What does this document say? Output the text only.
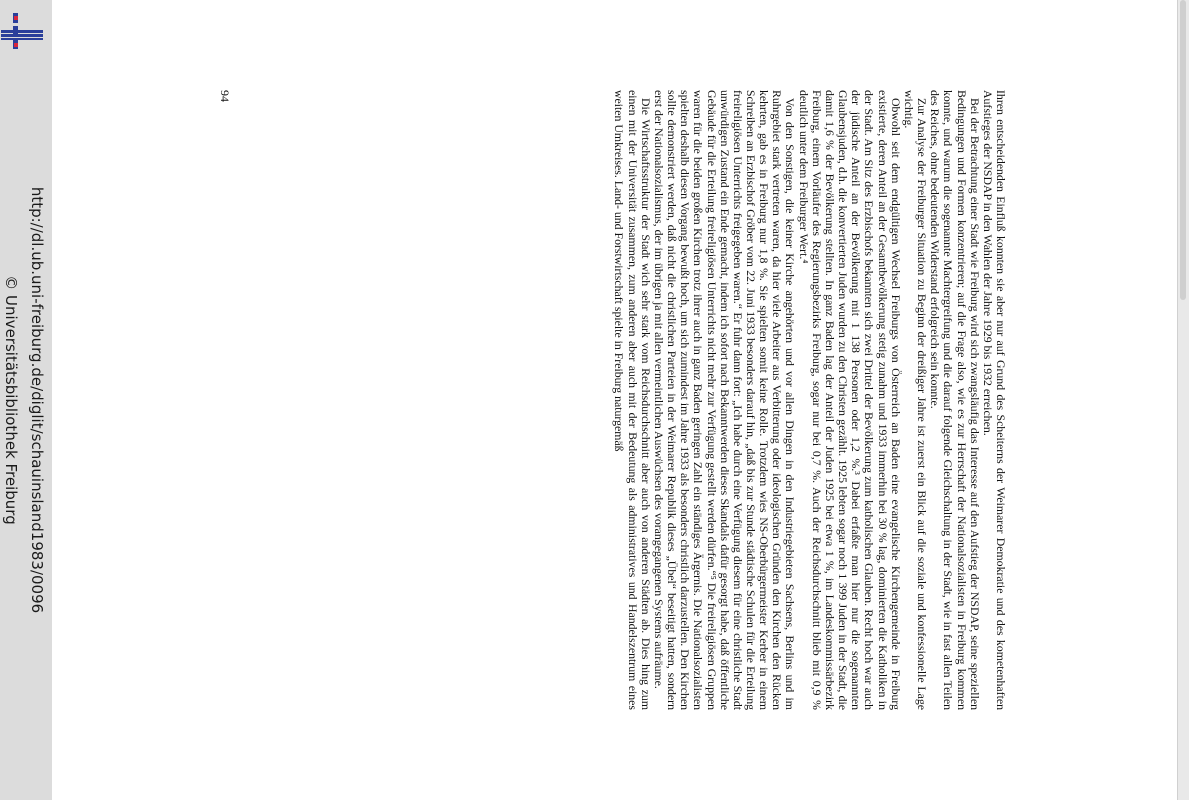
http://dl.ub.uni-freiburg.de/diglit/schauinsland1983/0096
© Universitätsbibliothek Freiburg	Ihren entscheidenden Einfluß konnten sie aber nur auf Grund des Scheiterns der Weimarer Demokratie und des kometenhaften Aufstieges der NSDAP in den Wahlen der Jahre 1929 bis 1932 erreichen.

Bei der Betrachtung einer Stadt wie Freiburg wird sich zwangsläufig das Interesse auf den Aufstieg der NSDAP, seine speziellen Bedingungen und Formen konzentrieren; auf die Frage also, wie es zur Herrschaft der Nationalsozialisten in Freiburg kommen konnte, und warum die sogenannte Machtergreifung und die darauf folgende Gleichschaltung in der Stadt, wie in fast allen Teilen des Reiches, ohne bedeutenden Widerstand erfolgreich sein konnte.

Zur Analyse der Freiburger Situation zu Beginn der dreißiger Jahre ist zuerst ein Blick auf die soziale und konfessionelle Lage wichtig.

Obwohl seit dem endgültigen Wechsel Freiburgs von Österreich an Baden eine evangelische Kirchengemeinde in Freiburg existierte, deren Anteil an der Gesamtbevölkerung stetig zunahm und 1933 immerhin bei 30 % lag, dominierten die Katholiken in der Stadt. Am Sitz des Erzbischofs bekannten sich zwei Drittel der Bevölkerung zum katholischen Glauben. Recht hoch war auch der jüdische Anteil an der Bevölkerung mit 1 138 Personen oder 1,2 %.³ Dabei erfaßte man hier nur die sogenannten Glaubensjuden, d.h. die konvertierten Juden wurden zu den Christen gezählt. 1925 lebten sogar noch 1 399 Juden in der Stadt, die damit 1,6 % der Bevölkerung stellten. In ganz Baden lag der Anteil der Juden 1925 bei etwa 1 %, im Landeskommissärbezirk Freiburg, einem Vorläufer des Regierungsbezirks Freiburg, sogar nur bei 0,7 %. Auch der Reichsdurchschnitt blieb mit 0,9 % deutlich unter dem Freiburger Wert.⁴

Von den Sonstigen, die keiner Kirche angehörten und vor allen Dingen in den Industriegebieten Sachsens, Berlins und im Ruhrgebiet stark vertreten waren, da hier viele Arbeiter aus Verbitterung oder ideologischen Gründen den Kirchen den Rücken kehrten, gab es in Freiburg nur 1,8 %. Sie spielten somit keine Rolle. Trotzdem wies NS-Oberbürgermeister Kerber in einem Schreiben an Erzbischof Gröber vom 22. Juni 1933 besonders darauf hin, „daß bis zur Stunde städtische Schulen für die Erteilung freireligiösen Unterrichts freigegeben waren.“ Er fuhr dann fort: „Ich habe durch eine Verfügung diesem für eine christliche Stadt unwürdigen Zustand ein Ende gemacht, indem ich sofort nach Bekanntwerden dieses Skandals dafür gesorgt habe, daß öffentliche Gebäude für die Erteilung freireligiösen Unterrichts nicht mehr zur Verfügung gestellt werden dürfen.“⁵ Die freireligiösen Gruppen waren für die beiden großen Kirchen trotz ihrer auch in ganz Baden geringen Zahl ein ständiges Ärgernis. Die Nationalsozialisten spielten deshalb diesen Vorgang bewußt hoch, um sich zumindest im Jahre 1933 als besonders christlich darzustellen. Den Kirchen sollte demonstriert werden, daß nicht die christlichen Parteien in der Weimarer Republik dieses „Übel“ beseitigt hatten, sondern erst der Nationalsozialismus, der im übrigen ja mit allen vermeintlichen Auswüchsen des vorangegangenen Systems aufräume.

Die Wirtschaftsstruktur der Stadt wich sehr stark vom Reichsdurchschnitt aber auch von anderen Städten ab. Dies hing zum einen mit der Universität zusammen, zum anderen aber auch mit der Bedeutung als administratives und Handelszentrum eines weiten Umkreises. Land- und Forstwirtschaft spielte in Freiburg naturgemäß

94
